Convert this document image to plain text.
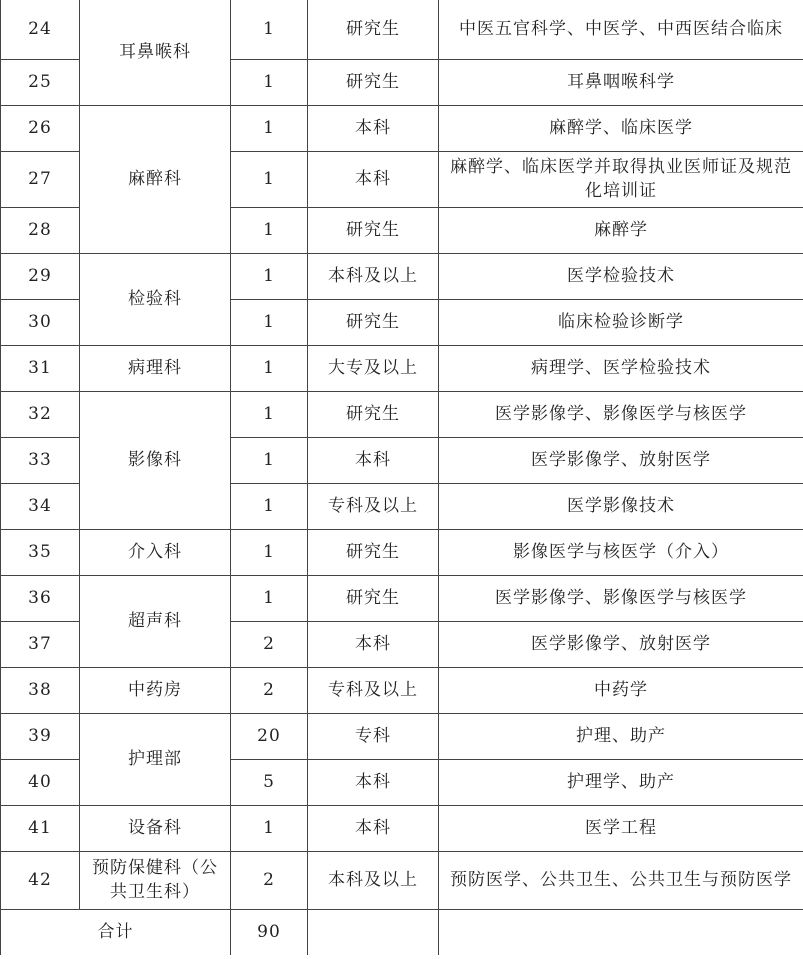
24	耳鼻喉科	1	研究生	中医五官科学、中医学、中西医结合临床
25		1	研究生	耳鼻咽喉科学
26	麻醉科	1	本科	麻醉学、临床医学
27		1	本科	麻醉学、临床医学并取得执业医师证及规范化培训证
28		1	研究生	麻醉学
29	检验科	1	本科及以上	医学检验技术
30		1	研究生	临床检验诊断学
31	病理科	1	大专及以上	病理学、医学检验技术
32	影像科	1	研究生	医学影像学、影像医学与核医学
33		1	本科	医学影像学、放射医学
34		1	专科及以上	医学影像技术
35	介入科	1	研究生	影像医学与核医学（介入）
36	超声科	1	研究生	医学影像学、影像医学与核医学
37		2	本科	医学影像学、放射医学
38	中药房	2	专科及以上	中药学
39	护理部	20	专科	护理、助产
40		5	本科	护理学、助产
41	设备科	1	本科	医学工程
42	预防保健科（公共卫生科）	2	本科及以上	预防医学、公共卫生、公共卫生与预防医学
合计		90		
